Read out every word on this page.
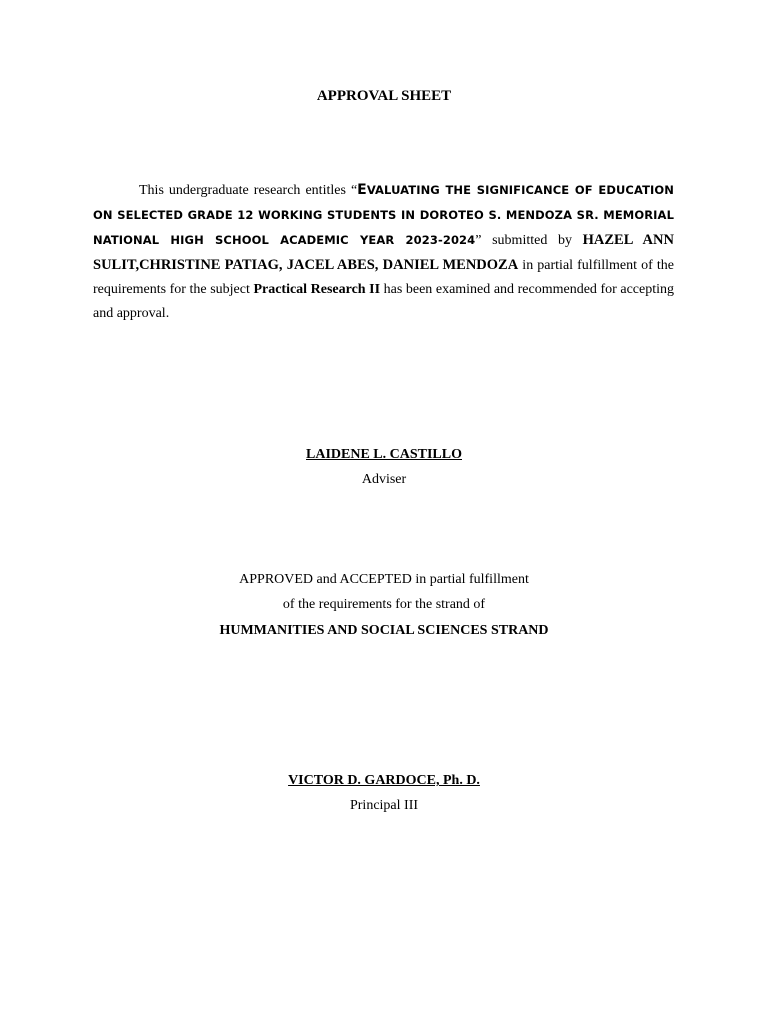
APPROVAL SHEET

This undergraduate research entitles “EVALUATING THE SIGNIFICANCE OF EDUCATION ON SELECTED GRADE 12 WORKING STUDENTS IN DOROTEO S. MENDOZA SR. MEMORIAL NATIONAL HIGH SCHOOL ACADEMIC YEAR 2023-2024” submitted by HAZEL ANN SULIT,CHRISTINE PATIAG, JACEL ABES, DANIEL MENDOZA in partial fulfillment of the requirements for the subject Practical Research II has been examined and recommended for accepting and approval.

LAIDENE L. CASTILLO
Adviser
APPROVED and ACCEPTED in partial fulfillment
of the requirements for the strand of
HUMMANITIES AND SOCIAL SCIENCES STRAND
VICTOR D. GARDOCE, Ph. D.
Principal III
